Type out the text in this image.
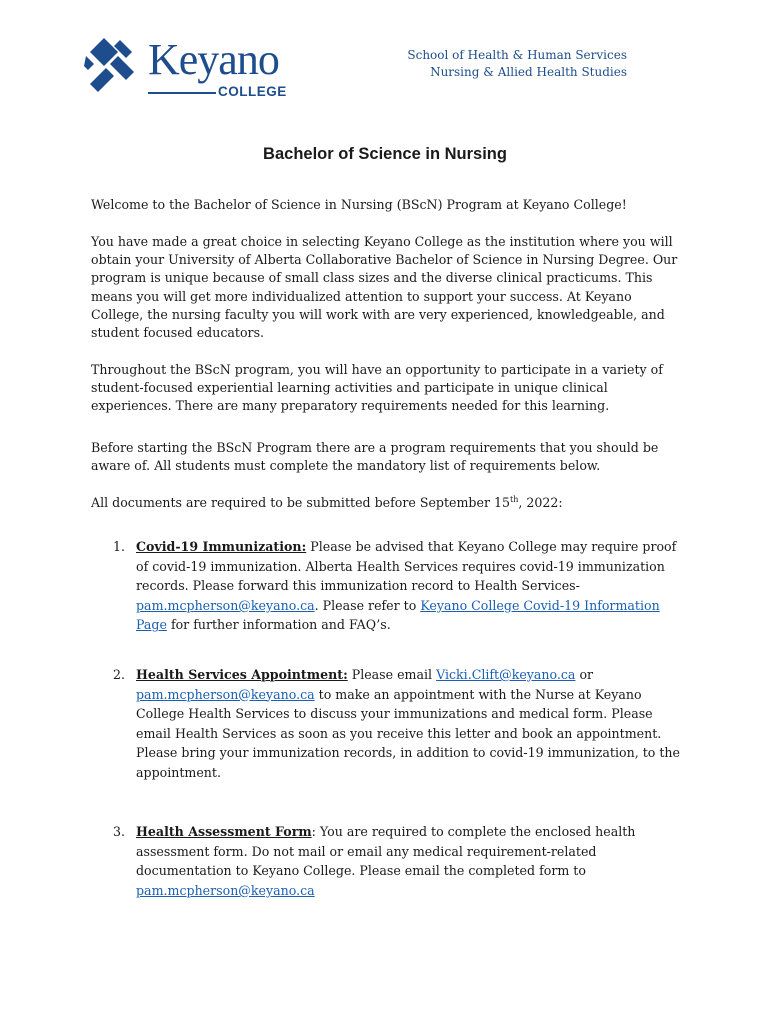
Keyano
COLLEGE
School of Health & Human Services
Nursing & Allied Health Studies
Bachelor of Science in Nursing
Welcome to the Bachelor of Science in Nursing (BScN) Program at Keyano College!
You have made a great choice in selecting Keyano College as the institution where you will obtain your University of Alberta Collaborative Bachelor of Science in Nursing Degree. Our program is unique because of small class sizes and the diverse clinical practicums. This means you will get more individualized attention to support your success. At Keyano College, the nursing faculty you will work with are very experienced, knowledgeable, and student focused educators.
Throughout the BScN program, you will have an opportunity to participate in a variety of student-focused experiential learning activities and participate in unique clinical experiences. There are many preparatory requirements needed for this learning.
Before starting the BScN Program there are a program requirements that you should be aware of. All students must complete the mandatory list of requirements below.
All documents are required to be submitted before September 15th, 2022:
1. Covid-19 Immunization: Please be advised that Keyano College may require proof of covid-19 immunization. Alberta Health Services requires covid-19 immunization records. Please forward this immunization record to Health Services- pam.mcpherson@keyano.ca. Please refer to Keyano College Covid-19 Information Page for further information and FAQ’s.
2. Health Services Appointment: Please email Vicki.Clift@keyano.ca or pam.mcpherson@keyano.ca to make an appointment with the Nurse at Keyano College Health Services to discuss your immunizations and medical form. Please email Health Services as soon as you receive this letter and book an appointment. Please bring your immunization records, in addition to covid-19 immunization, to the appointment.
3. Health Assessment Form: You are required to complete the enclosed health assessment form. Do not mail or email any medical requirement-related documentation to Keyano College. Please email the completed form to pam.mcpherson@keyano.ca
